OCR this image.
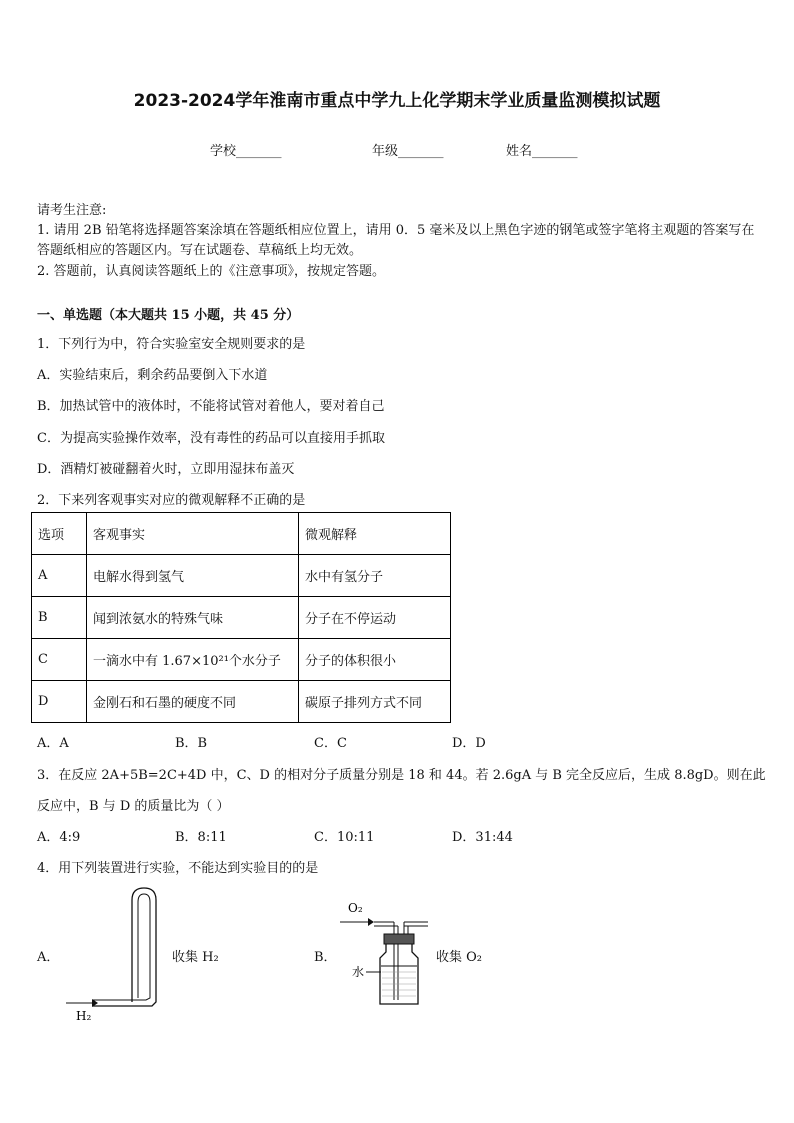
2023-2024学年淮南市重点中学九上化学期末学业质量监测模拟试题
学校_______	年级_______	姓名_______
请考生注意:
1. 请用 2B 铅笔将选择题答案涂填在答题纸相应位置上，请用 0．5 毫米及以上黑色字迹的钢笔或签字笔将主观题的答案写在答题纸相应的答题区内。写在试题卷、草稿纸上均无效。
2. 答题前，认真阅读答题纸上的《注意事项》，按规定答题。
一、单选题（本大题共 15 小题，共 45 分）
1．下列行为中，符合实验室安全规则要求的是
A．实验结束后，剩余药品要倒入下水道
B．加热试管中的液体时，不能将试管对着他人，要对着自己
C．为提高实验操作效率，没有毒性的药品可以直接用手抓取
D．酒精灯被碰翻着火时，立即用湿抹布盖灭
2．下来列客观事实对应的微观解释不正确的是
选项	客观事实	微观解释
A	电解水得到氢气	水中有氢分子
B	闻到浓氨水的特殊气味	分子在不停运动
C	一滴水中有 1.67×10²¹个水分子	分子的体积很小
D	金刚石和石墨的硬度不同	碳原子排列方式不同
A．A	B．B	C．C	D．D
3．在反应 2A+5B=2C+4D 中，C、D 的相对分子质量分别是 18 和 44。若 2.6gA 与 B 完全反应后，生成 8.8gD。则在此
反应中，B 与 D 的质量比为（ ）
A．4:9	B．8:11	C．10:11	D．31:44
4．用下列装置进行实验，不能达到实验目的的是
A．	收集 H₂	B．	收集 O₂
H₂
O₂
水
